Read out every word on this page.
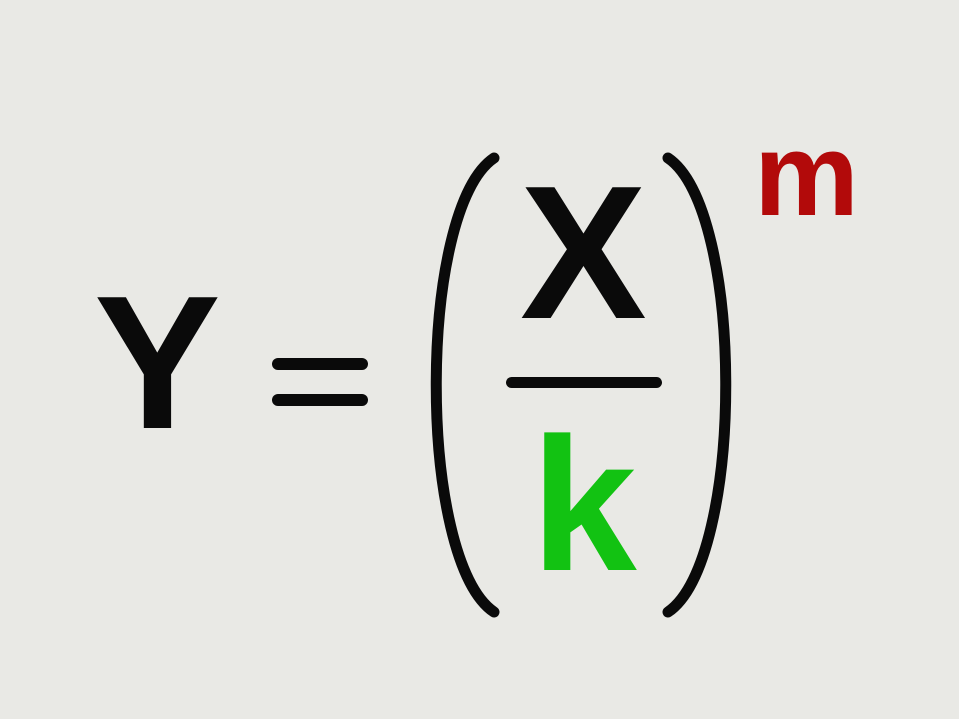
Y
X
k
m
